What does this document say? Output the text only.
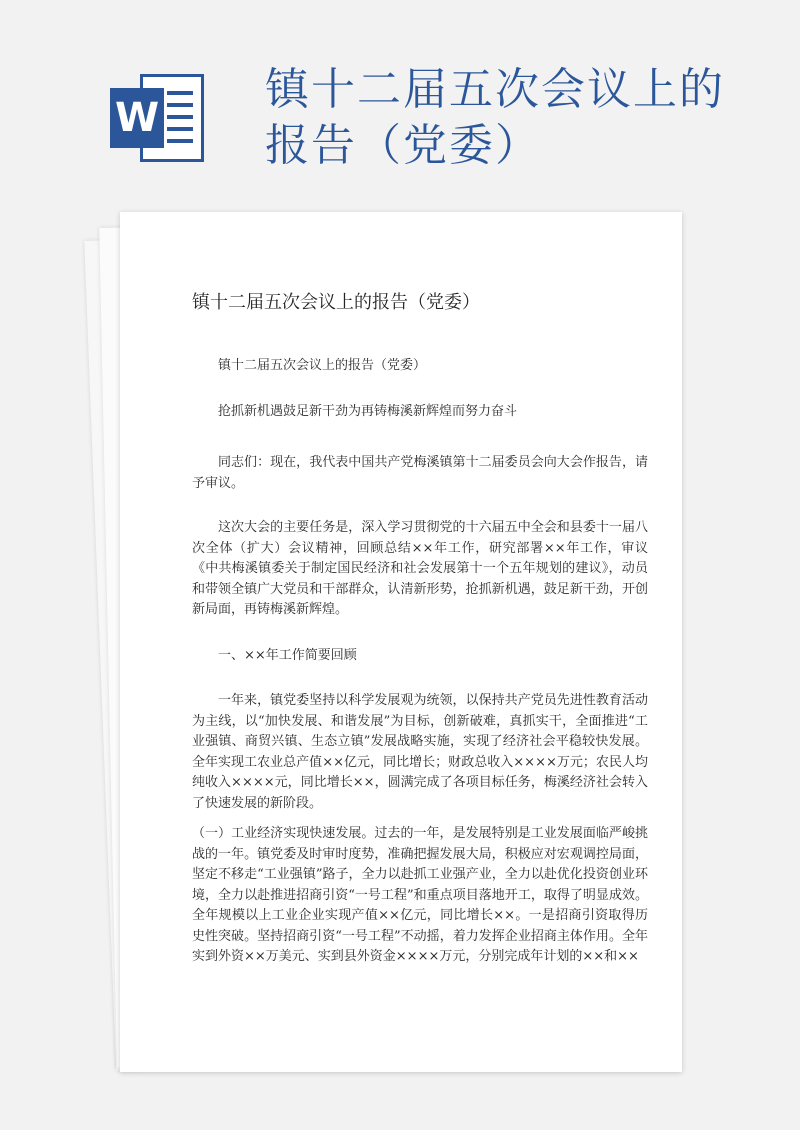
W
镇十二届五次会议上的
报告（党委）
镇十二届五次会议上的报告（党委）

镇十二届五次会议上的报告（党委）

抢抓新机遇鼓足新干劲为再铸梅溪新辉煌而努力奋斗

同志们：现在，我代表中国共产党梅溪镇第十二届委员会向大会作报告，请予审议。

这次大会的主要任务是，深入学习贯彻党的十六届五中全会和县委十一届八次全体（扩大）会议精神，回顾总结××年工作，研究部署××年工作，审议《中共梅溪镇委关于制定国民经济和社会发展第十一个五年规划的建议》，动员和带领全镇广大党员和干部群众，认清新形势，抢抓新机遇，鼓足新干劲，开创新局面，再铸梅溪新辉煌。

一、××年工作简要回顾

一年来，镇党委坚持以科学发展观为统领，以保持共产党员先进性教育活动为主线，以“加快发展、和谐发展”为目标，创新破难，真抓实干，全面推进“工业强镇、商贸兴镇、生态立镇”发展战略实施，实现了经济社会平稳较快发展。全年实现工农业总产值××亿元，同比增长；财政总收入××××万元；农民人均纯收入××××元，同比增长××，圆满完成了各项目标任务，梅溪经济社会转入了快速发展的新阶段。

（一）工业经济实现快速发展。过去的一年，是发展特别是工业发展面临严峻挑战的一年。镇党委及时审时度势，准确把握发展大局，积极应对宏观调控局面，坚定不移走“工业强镇”路子，全力以赴抓工业强产业，全力以赴优化投资创业环境，全力以赴推进招商引资“一号工程”和重点项目落地开工，取得了明显成效。全年规模以上工业企业实现产值××亿元，同比增长××。一是招商引资取得历史性突破。坚持招商引资“一号工程”不动摇，着力发挥企业招商主体作用。全年实到外资××万美元、实到县外资金××××万元，分别完成年计划的××和××
